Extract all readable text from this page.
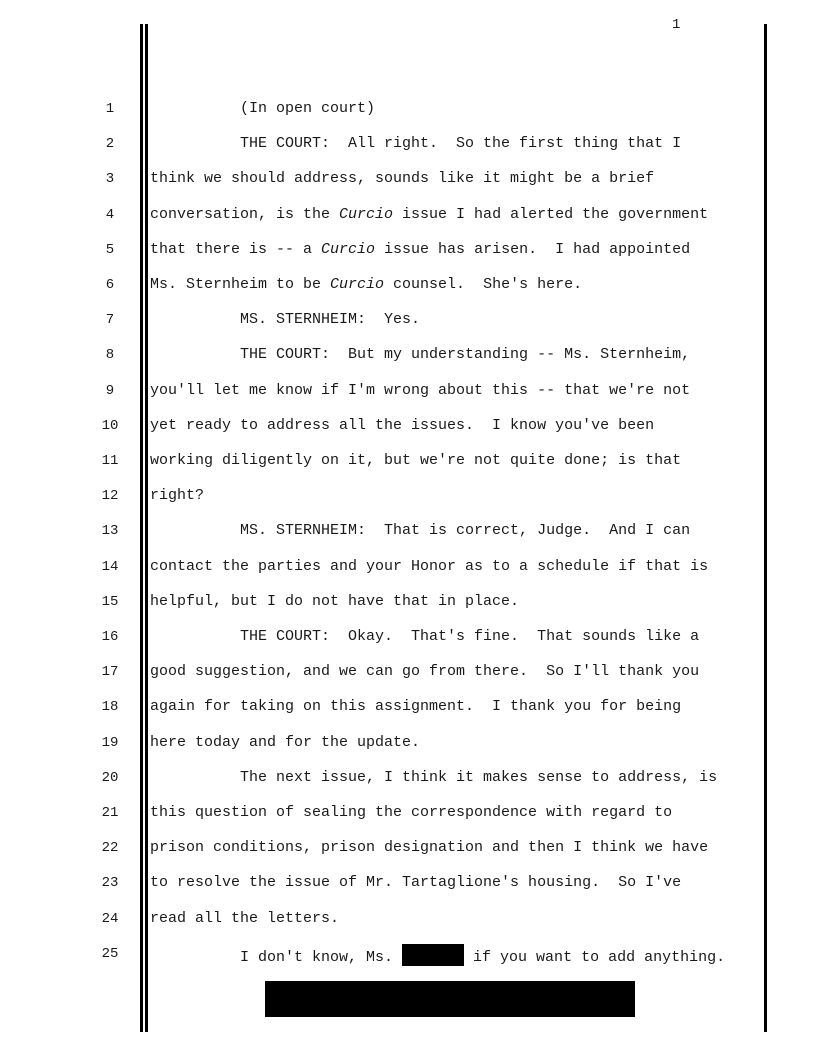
1
1	(In open court)
2	THE COURT:  All right.  So the first thing that I
3	think we should address, sounds like it might be a brief
4	conversation, is the Curcio issue I had alerted the government
5	that there is -- a Curcio issue has arisen.  I had appointed
6	Ms. Sternheim to be Curcio counsel.  She's here.
7	MS. STERNHEIM:  Yes.
8	THE COURT:  But my understanding -- Ms. Sternheim,
9	you'll let me know if I'm wrong about this -- that we're not
10	yet ready to address all the issues.  I know you've been
11	working diligently on it, but we're not quite done; is that
12	right?
13	MS. STERNHEIM:  That is correct, Judge.  And I can
14	contact the parties and your Honor as to a schedule if that is
15	helpful, but I do not have that in place.
16	THE COURT:  Okay.  That's fine.  That sounds like a
17	good suggestion, and we can go from there.  So I'll thank you
18	again for taking on this assignment.  I thank you for being
19	here today and for the update.
20	The next issue, I think it makes sense to address, is
21	this question of sealing the correspondence with regard to
22	prison conditions, prison designation and then I think we have
23	to resolve the issue of Mr. Tartaglione's housing.  So I've
24	read all the letters.
25	I don't know, Ms.	if you want to add anything.
